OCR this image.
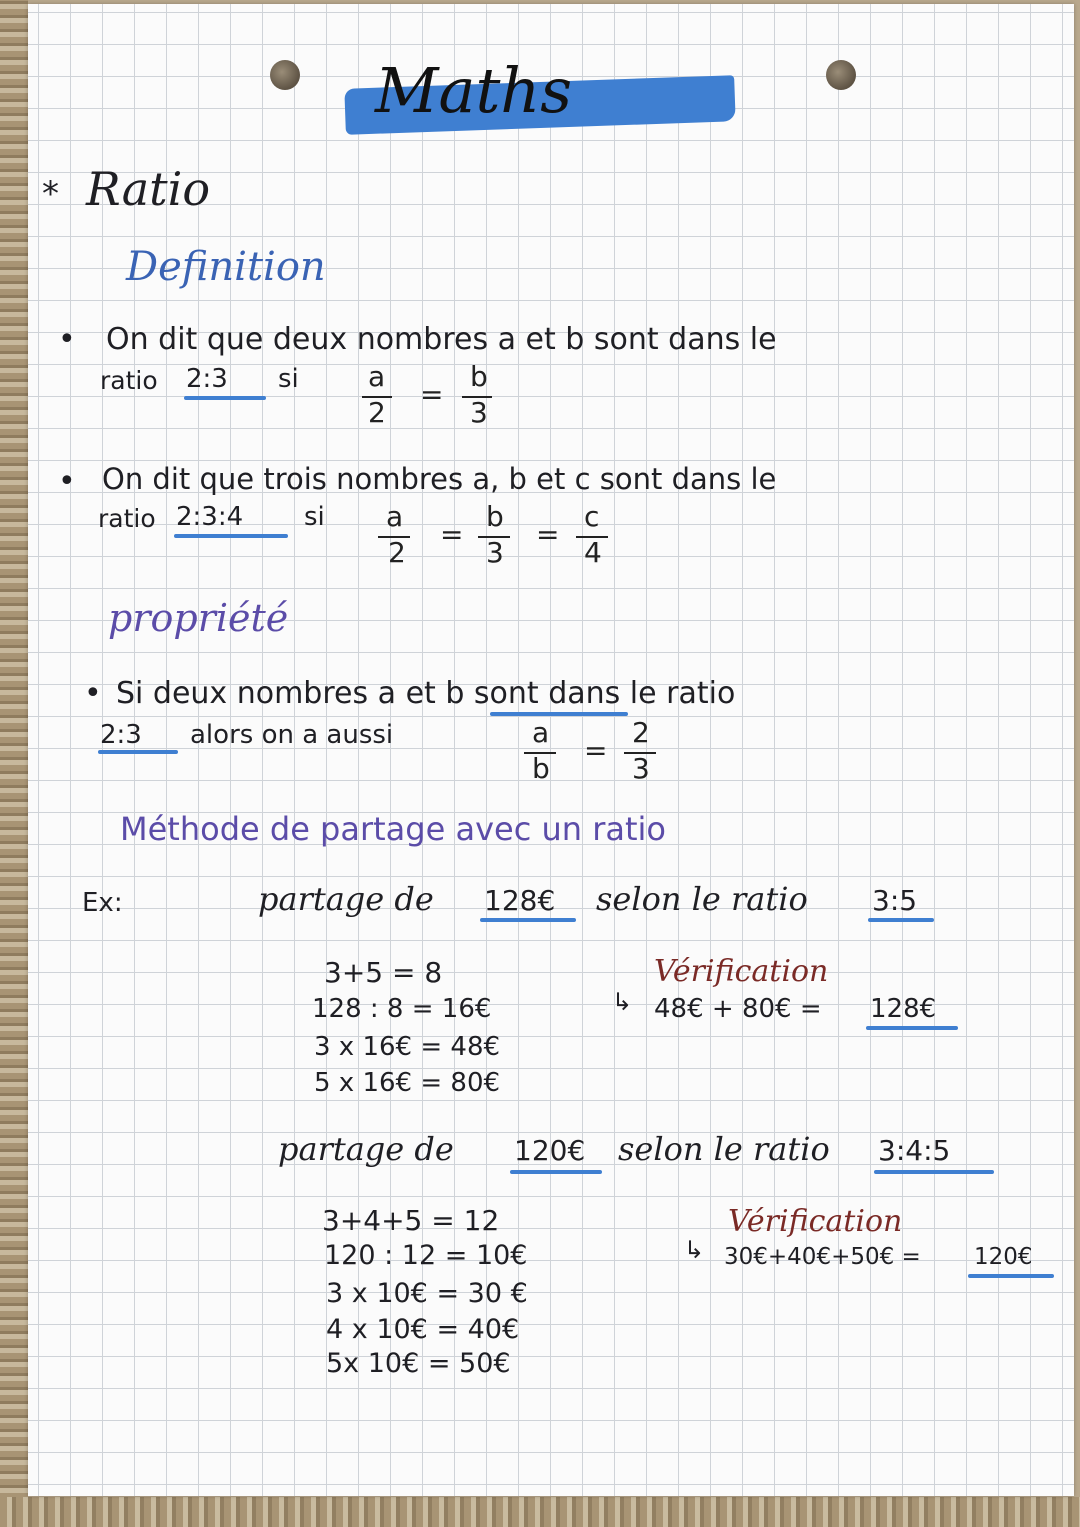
Maths
* Ratio
Definition
• On dit que deux nombres a et b sont dans le
ratio 2:3 si a
2
=
b
3
• On dit que trois nombres a, b et c sont dans le
ratio 2:3:4 si a
2
=
b
3
=
c
4
propriété
• Si deux nombres a et b sont dans le ratio
2:3 alors on a aussi	a
b
=
2
3
Méthode de partage avec un ratio
Ex:	partage de 128€ selon le ratio 3:5
3+5 = 8
128 : 8 = 16€
3 x 16€ = 48€
5 x 16€ = 80€
Vérification
↳ 48€ + 80€ = 128€
partage de 120€ selon le ratio 3:4:5
3+4+5 = 12
120 : 12 = 10€
3 x 10€ = 30 €
4 x 10€ = 40€
5x 10€ = 50€
Vérification
↳ 30€+40€+50€ = 120€
